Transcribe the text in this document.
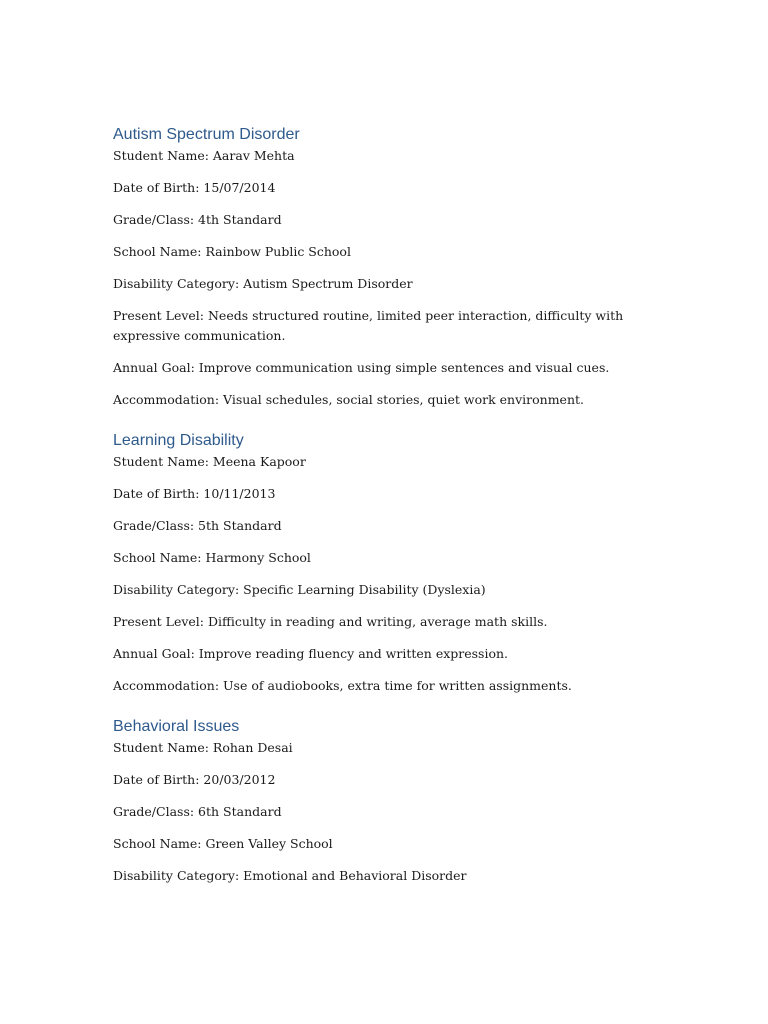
Autism Spectrum Disorder

Student Name: Aarav Mehta

Date of Birth: 15/07/2014

Grade/Class: 4th Standard

School Name: Rainbow Public School

Disability Category: Autism Spectrum Disorder

Present Level: Needs structured routine, limited peer interaction, difficulty with expressive communication.

Annual Goal: Improve communication using simple sentences and visual cues.

Accommodation: Visual schedules, social stories, quiet work environment.

Learning Disability

Student Name: Meena Kapoor

Date of Birth: 10/11/2013

Grade/Class: 5th Standard

School Name: Harmony School

Disability Category: Specific Learning Disability (Dyslexia)

Present Level: Difficulty in reading and writing, average math skills.

Annual Goal: Improve reading fluency and written expression.

Accommodation: Use of audiobooks, extra time for written assignments.

Behavioral Issues

Student Name: Rohan Desai

Date of Birth: 20/03/2012

Grade/Class: 6th Standard

School Name: Green Valley School

Disability Category: Emotional and Behavioral Disorder
